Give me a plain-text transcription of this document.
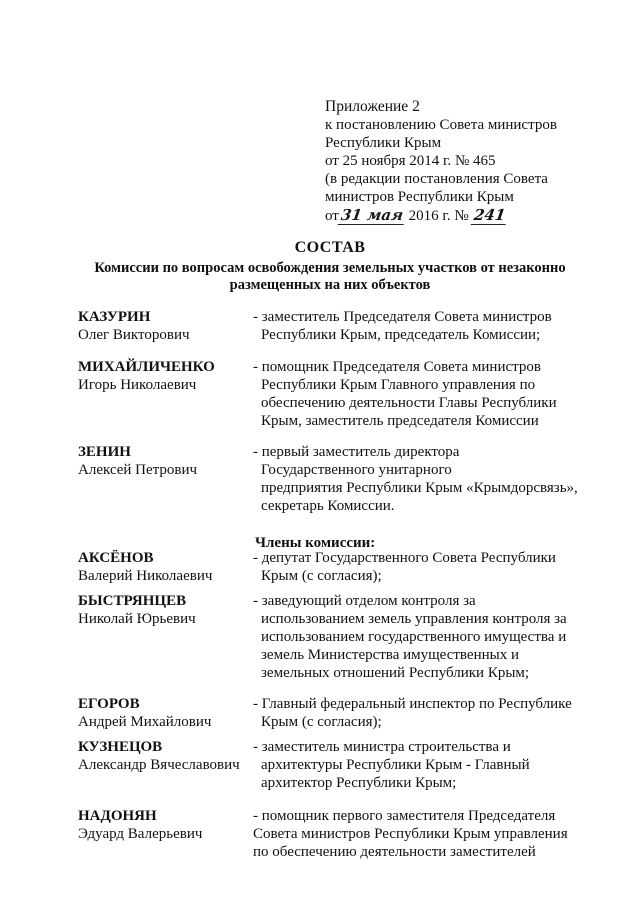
Приложение 2
к постановлению Совета министров
Республики Крым
от 25 ноября 2014 г. № 465
(в редакции постановления Совета
министров Республики Крым
от31 мая 2016 г. № 241
СОСТАВ
Комиссии по вопросам освобождения земельных участков от незаконно
размещенных на них объектов
КАЗУРИН
Олег Викторович
- заместитель Председателя Совета министров
Республики Крым, председатель Комиссии;
МИХАЙЛИЧЕНКО
Игорь Николаевич
- помощник Председателя Совета министров
Республики Крым Главного управления по
обеспечению деятельности Главы Республики
Крым, заместитель председателя Комиссии
ЗЕНИН
Алексей Петрович
- первый заместитель директора
Государственного унитарного
предприятия Республики Крым «Крымдорсвязь»,
секретарь Комиссии.
Члены комиссии:
АКСЁНОВ
Валерий Николаевич
- депутат Государственного Совета Республики
Крым (с согласия);
БЫСТРЯНЦЕВ
Николай Юрьевич
- заведующий отделом контроля за
использованием земель управления контроля за
использованием государственного имущества и
земель Министерства имущественных и
земельных отношений Республики Крым;
ЕГОРОВ
Андрей Михайлович
- Главный федеральный инспектор по Республике
Крым (с согласия);
КУЗНЕЦОВ
Александр Вячеславович
- заместитель министра строительства и
архитектуры Республики Крым - Главный
архитектор Республики Крым;
НАДОНЯН
Эдуард Валерьевич
- помощник первого заместителя Председателя
Совета министров Республики Крым управления
по обеспечению деятельности заместителей
